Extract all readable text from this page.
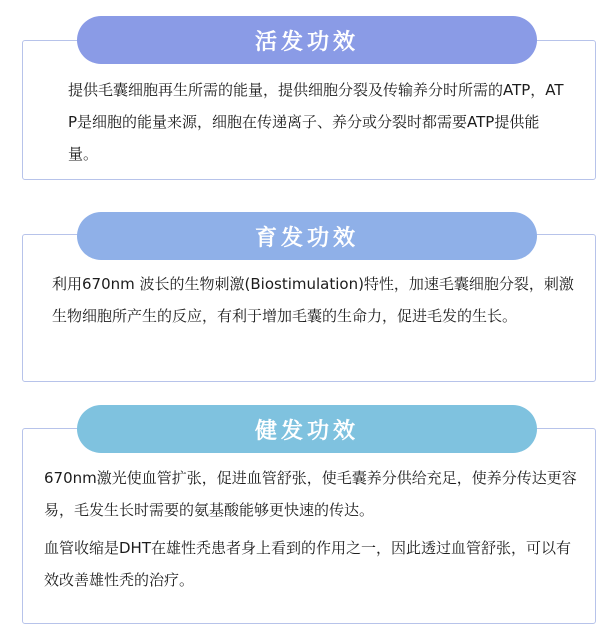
活发功效

提供毛囊细胞再生所需的能量，提供细胞分裂及传输养分时所需的ATP，ATP是细胞的能量来源，细胞在传递离子、养分或分裂时都需要ATP提供能量。

育发功效

利用670nm 波长的生物刺激(Biostimulation)特性，加速毛囊细胞分裂，刺激生物细胞所产生的反应，有利于增加毛囊的生命力，促进毛发的生长。

健发功效

670nm激光使血管扩张，促进血管舒张，使毛囊养分供给充足，使养分传达更容易，毛发生长时需要的氨基酸能够更快速的传达。

血管收缩是DHT在雄性秃患者身上看到的作用之一，因此透过血管舒张，可以有效改善雄性秃的治疗。
